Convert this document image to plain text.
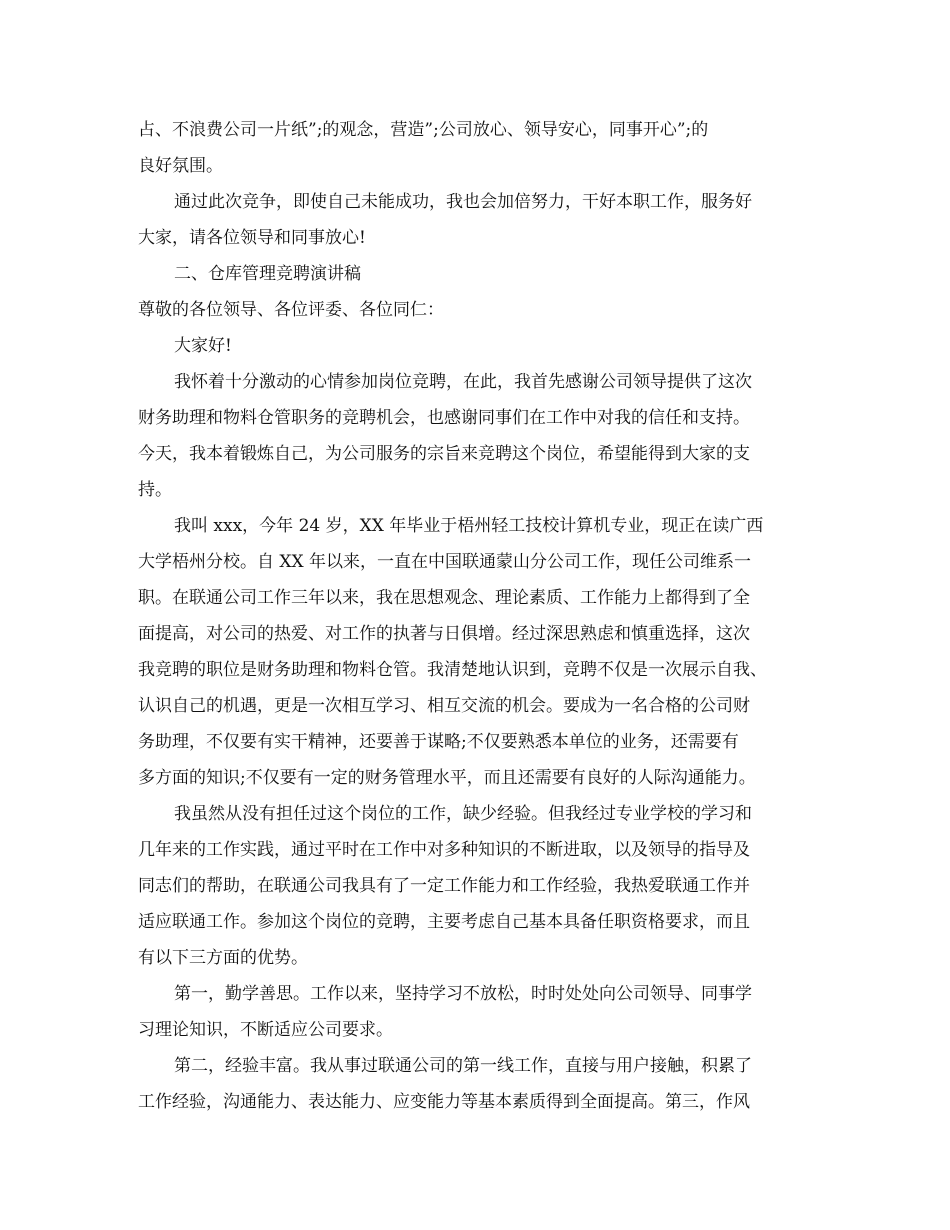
占、不浪费公司一片纸”;的观念，营造”;公司放心、领导安心，同事开心”;的
良好氛围。
通过此次竞争，即使自己未能成功，我也会加倍努力，干好本职工作，服务好
大家，请各位领导和同事放心!
二、仓库管理竞聘演讲稿
尊敬的各位领导、各位评委、各位同仁：
大家好!
我怀着十分激动的心情参加岗位竞聘，在此，我首先感谢公司领导提供了这次
财务助理和物料仓管职务的竞聘机会，也感谢同事们在工作中对我的信任和支持。
今天，我本着锻炼自己，为公司服务的宗旨来竞聘这个岗位，希望能得到大家的支
持。
我叫 xxx，今年 24 岁，XX 年毕业于梧州轻工技校计算机专业，现正在读广西
大学梧州分校。自 XX 年以来，一直在中国联通蒙山分公司工作，现任公司维系一
职。在联通公司工作三年以来，我在思想观念、理论素质、工作能力上都得到了全
面提高，对公司的热爱、对工作的执著与日俱增。经过深思熟虑和慎重选择，这次
我竞聘的职位是财务助理和物料仓管。我清楚地认识到，竞聘不仅是一次展示自我、
认识自己的机遇，更是一次相互学习、相互交流的机会。要成为一名合格的公司财
务助理，不仅要有实干精神，还要善于谋略;不仅要熟悉本单位的业务，还需要有
多方面的知识;不仅要有一定的财务管理水平，而且还需要有良好的人际沟通能力。
我虽然从没有担任过这个岗位的工作，缺少经验。但我经过专业学校的学习和
几年来的工作实践，通过平时在工作中对多种知识的不断进取，以及领导的指导及
同志们的帮助，在联通公司我具有了一定工作能力和工作经验，我热爱联通工作并
适应联通工作。参加这个岗位的竞聘，主要考虑自己基本具备任职资格要求，而且
有以下三方面的优势。
第一，勤学善思。工作以来，坚持学习不放松，时时处处向公司领导、同事学
习理论知识，不断适应公司要求。
第二，经验丰富。我从事过联通公司的第一线工作，直接与用户接触，积累了
工作经验，沟通能力、表达能力、应变能力等基本素质得到全面提高。第三，作风
